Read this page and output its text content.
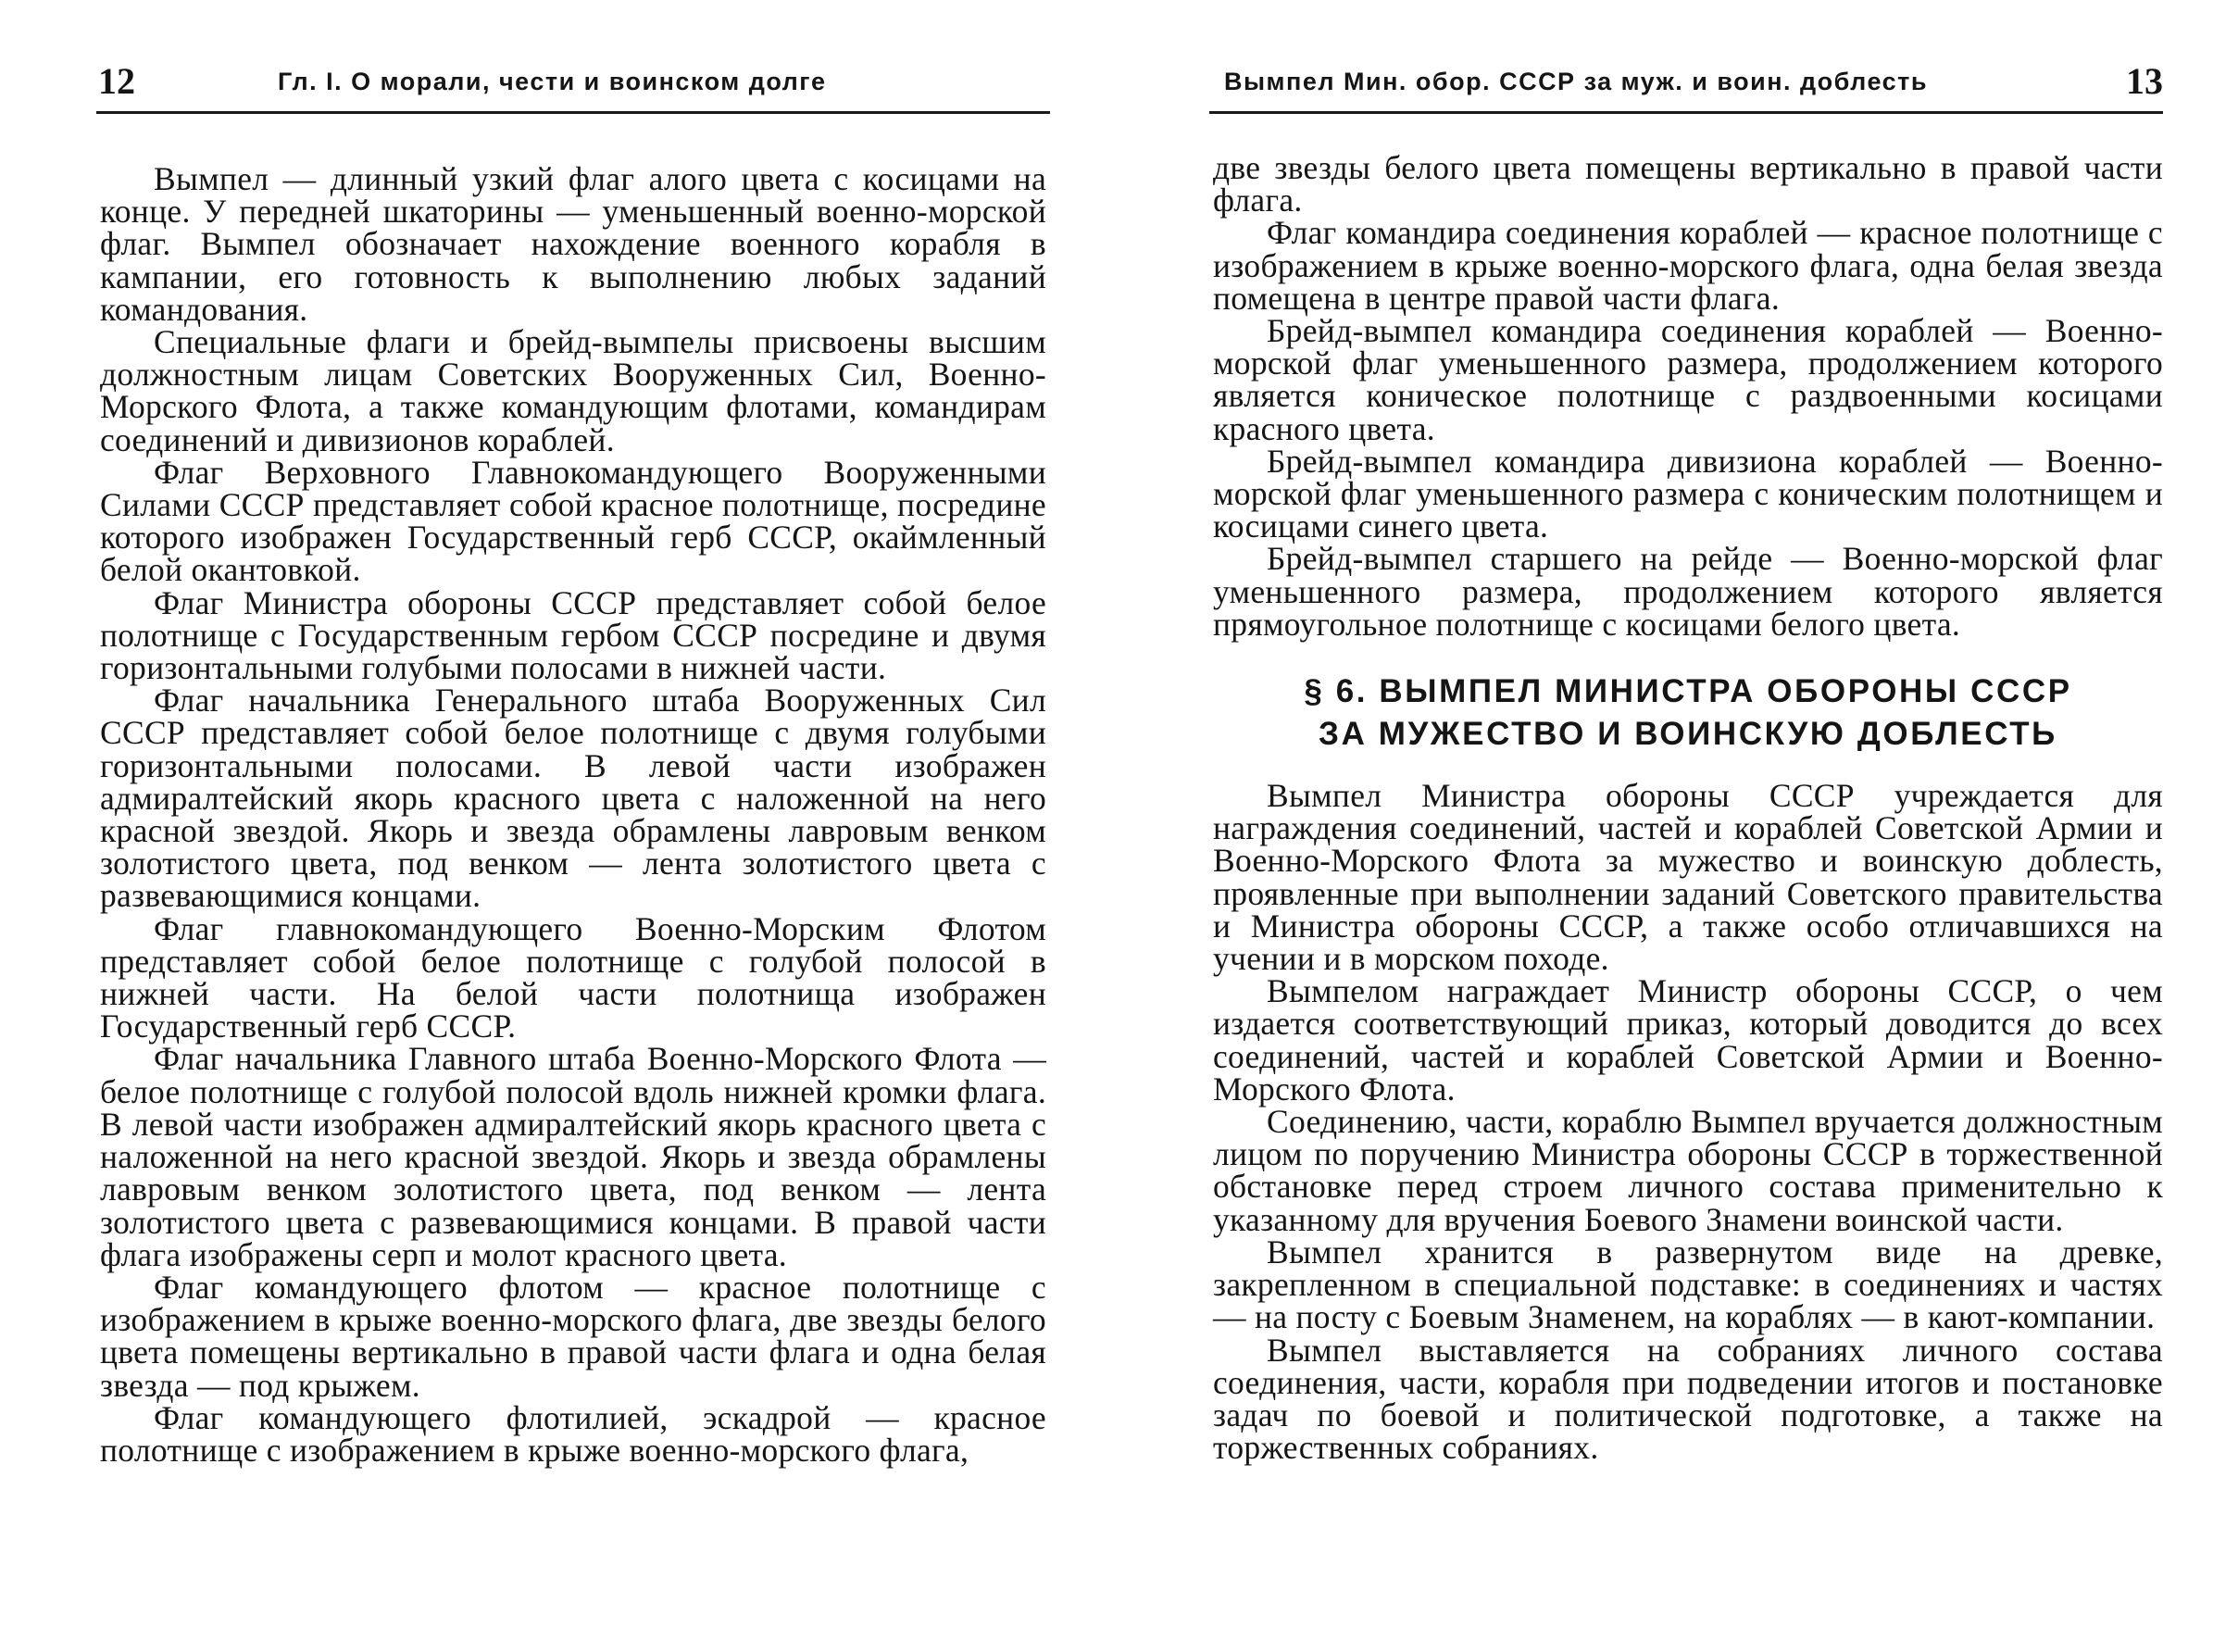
12	Гл. I. О морали, чести и воинском долге

Вымпел — длинный узкий флаг алого цвета с косицами на конце. У передней шкаторины — уменьшенный военно-морской флаг. Вымпел обозначает нахождение военного корабля в кампании, его готовность к выполнению любых заданий командования.

Специальные флаги и брейд-вымпелы присвоены высшим должностным лицам Советских Вооруженных Сил, Военно-Морского Флота, а также командующим флотами, командирам соединений и дивизионов кораблей.

Флаг Верховного Главнокомандующего Вооруженными Силами СССР представляет собой красное полотнище, посредине которого изображен Государственный герб СССР, окаймленный белой окантовкой.

Флаг Министра обороны СССР представляет собой белое полотнище с Государственным гербом СССР посредине и двумя горизонтальными голубыми полосами в нижней части.

Флаг начальника Генерального штаба Вооруженных Сил СССР представляет собой белое полотнище с двумя голубыми горизонтальными полосами. В левой части изображен адмиралтейский якорь красного цвета с наложенной на него красной звездой. Якорь и звезда обрамлены лавровым венком золотистого цвета, под венком — лента золотистого цвета с развевающимися концами.

Флаг главнокомандующего Военно-Морским Флотом представляет собой белое полотнище с голубой полосой в нижней части. На белой части полотнища изображен Государственный герб СССР.

Флаг начальника Главного штаба Военно-Морского Флота — белое полотнище с голубой полосой вдоль нижней кромки флага. В левой части изображен адмиралтейский якорь красного цвета с наложенной на него красной звездой. Якорь и звезда обрамлены лавровым венком золотистого цвета, под венком — лента золотистого цвета с развевающимися концами. В правой части флага изображены серп и молот красного цвета.

Флаг командующего флотом — красное полотнище с изображением в крыже военно-морского флага, две звезды белого цвета помещены вертикально в правой части флага и одна белая звезда — под крыжем.

Флаг командующего флотилией, эскадрой — красное полотнище с изображением в крыже военно-морского флага,

Вымпел Мин. обор. СССР за муж. и воин. доблесть	13

две звезды белого цвета помещены вертикально в правой части флага.

Флаг командира соединения кораблей — красное полотнище с изображением в крыже военно-морского флага, одна белая звезда помещена в центре правой части флага.

Брейд-вымпел командира соединения кораблей — Военно-морской флаг уменьшенного размера, продолжением которого является коническое полотнище с раздвоенными косицами красного цвета.

Брейд-вымпел командира дивизиона кораблей — Военно-морской флаг уменьшенного размера с коническим полотнищем и косицами синего цвета.

Брейд-вымпел старшего на рейде — Военно-морской флаг уменьшенного размера, продолжением которого является прямоугольное полотнище с косицами белого цвета.

§ 6. ВЫМПЕЛ МИНИСТРА ОБОРОНЫ СССР
ЗА МУЖЕСТВО И ВОИНСКУЮ ДОБЛЕСТЬ

Вымпел Министра обороны СССР учреждается для награждения соединений, частей и кораблей Советской Армии и Военно-Морского Флота за мужество и воинскую доблесть, проявленные при выполнении заданий Советского правительства и Министра обороны СССР, а также особо отличавшихся на учении и в морском походе.

Вымпелом награждает Министр обороны СССР, о чем издается соответствующий приказ, который доводится до всех соединений, частей и кораблей Советской Армии и Военно-Морского Флота.

Соединению, части, кораблю Вымпел вручается должностным лицом по поручению Министра обороны СССР в торжественной обстановке перед строем личного состава применительно к указанному для вручения Боевого Знамени воинской части.

Вымпел хранится в развернутом виде на древке, закрепленном в специальной подставке: в соединениях и частях — на посту с Боевым Знаменем, на кораблях — в кают-компании.

Вымпел выставляется на собраниях личного состава соединения, части, корабля при подведении итогов и постановке задач по боевой и политической подготовке, а также на торжественных собраниях.
